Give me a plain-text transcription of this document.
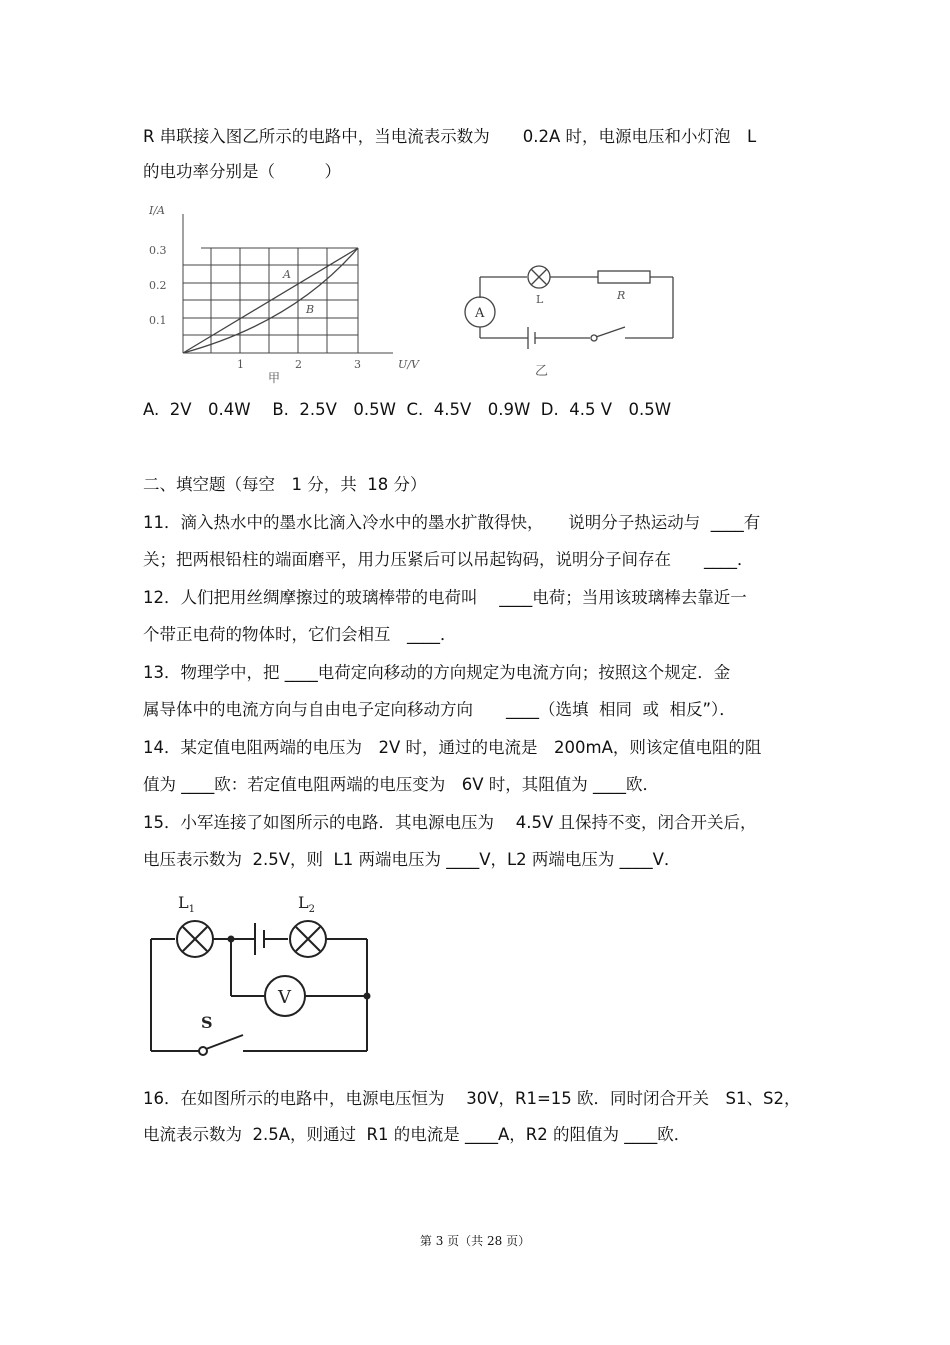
R 串联接入图乙所示的电路中，当电流表示数为　　0.2A 时，电源电压和小灯泡　L
的电功率分别是（　　　）
I/A
0.3
0.2
0.1
1	2	3	U/V
A
B
甲
A
L	R
乙
A.  2V　0.4W　 B.  2.5V　0.5W  C.  4.5V　0.9W  D.  4.5 V　0.5W
二、填空题（每空　1 分，共  18 分）
11．滴入热水中的墨水比滴入冷水中的墨水扩散得快，　　说明分子热运动与  ____有
关；把两根铅柱的端面磨平，用力压紧后可以吊起钩码，说明分子间存在　　____．
12．人们把用丝绸摩擦过的玻璃棒带的电荷叫　 ____电荷；当用该玻璃棒去靠近一
个带正电荷的物体时，它们会相互　____．
13．物理学中，把 ____电荷定向移动的方向规定为电流方向；按照这个规定．金
属导体中的电流方向与自由电子定向移动方向　　____（选填  相同  或  相反”）．
14．某定值电阻两端的电压为　2V 时，通过的电流是　200mA，则该定值电阻的阻
值为 ____欧：若定值电阻两端的电压变为　6V 时，其阻值为 ____欧．
15．小军连接了如图所示的电路．其电源电压为　 4.5V 且保持不变，闭合开关后，
电压表示数为  2.5V，则  L1 两端电压为 ____V，L2 两端电压为 ____V．
$L_1$	$L_2$
V
S
16．在如图所示的电路中，电源电压恒为　 30V，R1=15 欧．同时闭合开关　S1、S2，
电流表示数为  2.5A，则通过  R1 的电流是 ____A，R2 的阻值为 ____欧．
第 3 页（共 28 页）
